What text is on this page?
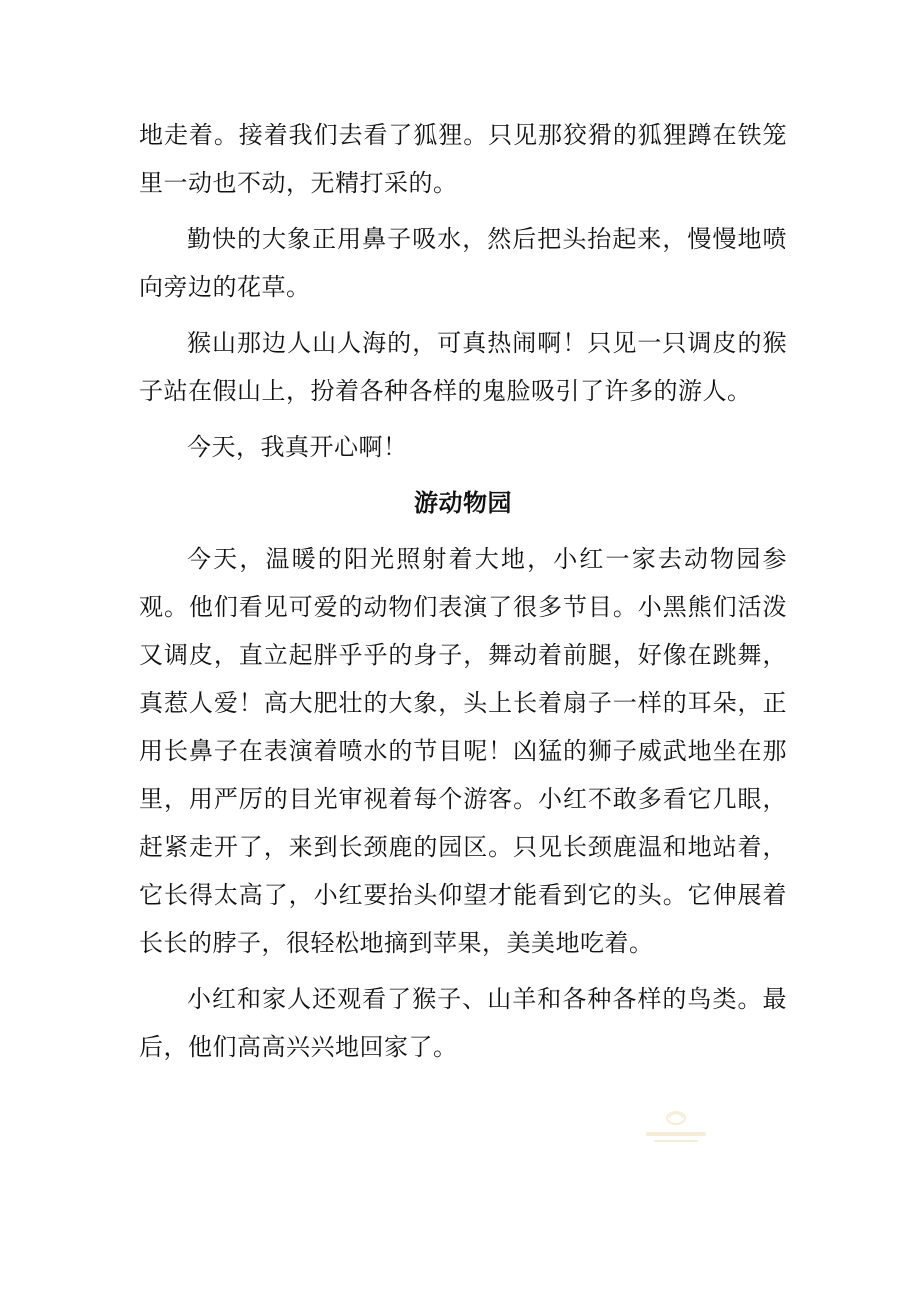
地走着。接着我们去看了狐狸。只见那狡猾的狐狸蹲在铁笼里一动也不动，无精打采的。

勤快的大象正用鼻子吸水，然后把头抬起来，慢慢地喷向旁边的花草。

猴山那边人山人海的，可真热闹啊！只见一只调皮的猴子站在假山上，扮着各种各样的鬼脸吸引了许多的游人。

今天，我真开心啊！

游动物园

今天，温暖的阳光照射着大地，小红一家去动物园参观。他们看见可爱的动物们表演了很多节目。小黑熊们活泼又调皮，直立起胖乎乎的身子，舞动着前腿，好像在跳舞，真惹人爱！高大肥壮的大象，头上长着扇子一样的耳朵，正用长鼻子在表演着喷水的节目呢！凶猛的狮子威武地坐在那里，用严厉的目光审视着每个游客。小红不敢多看它几眼，赶紧走开了，来到长颈鹿的园区。只见长颈鹿温和地站着，它长得太高了，小红要抬头仰望才能看到它的头。它伸展着长长的脖子，很轻松地摘到苹果，美美地吃着。

小红和家人还观看了猴子、山羊和各种各样的鸟类。最后，他们高高兴兴地回家了。
